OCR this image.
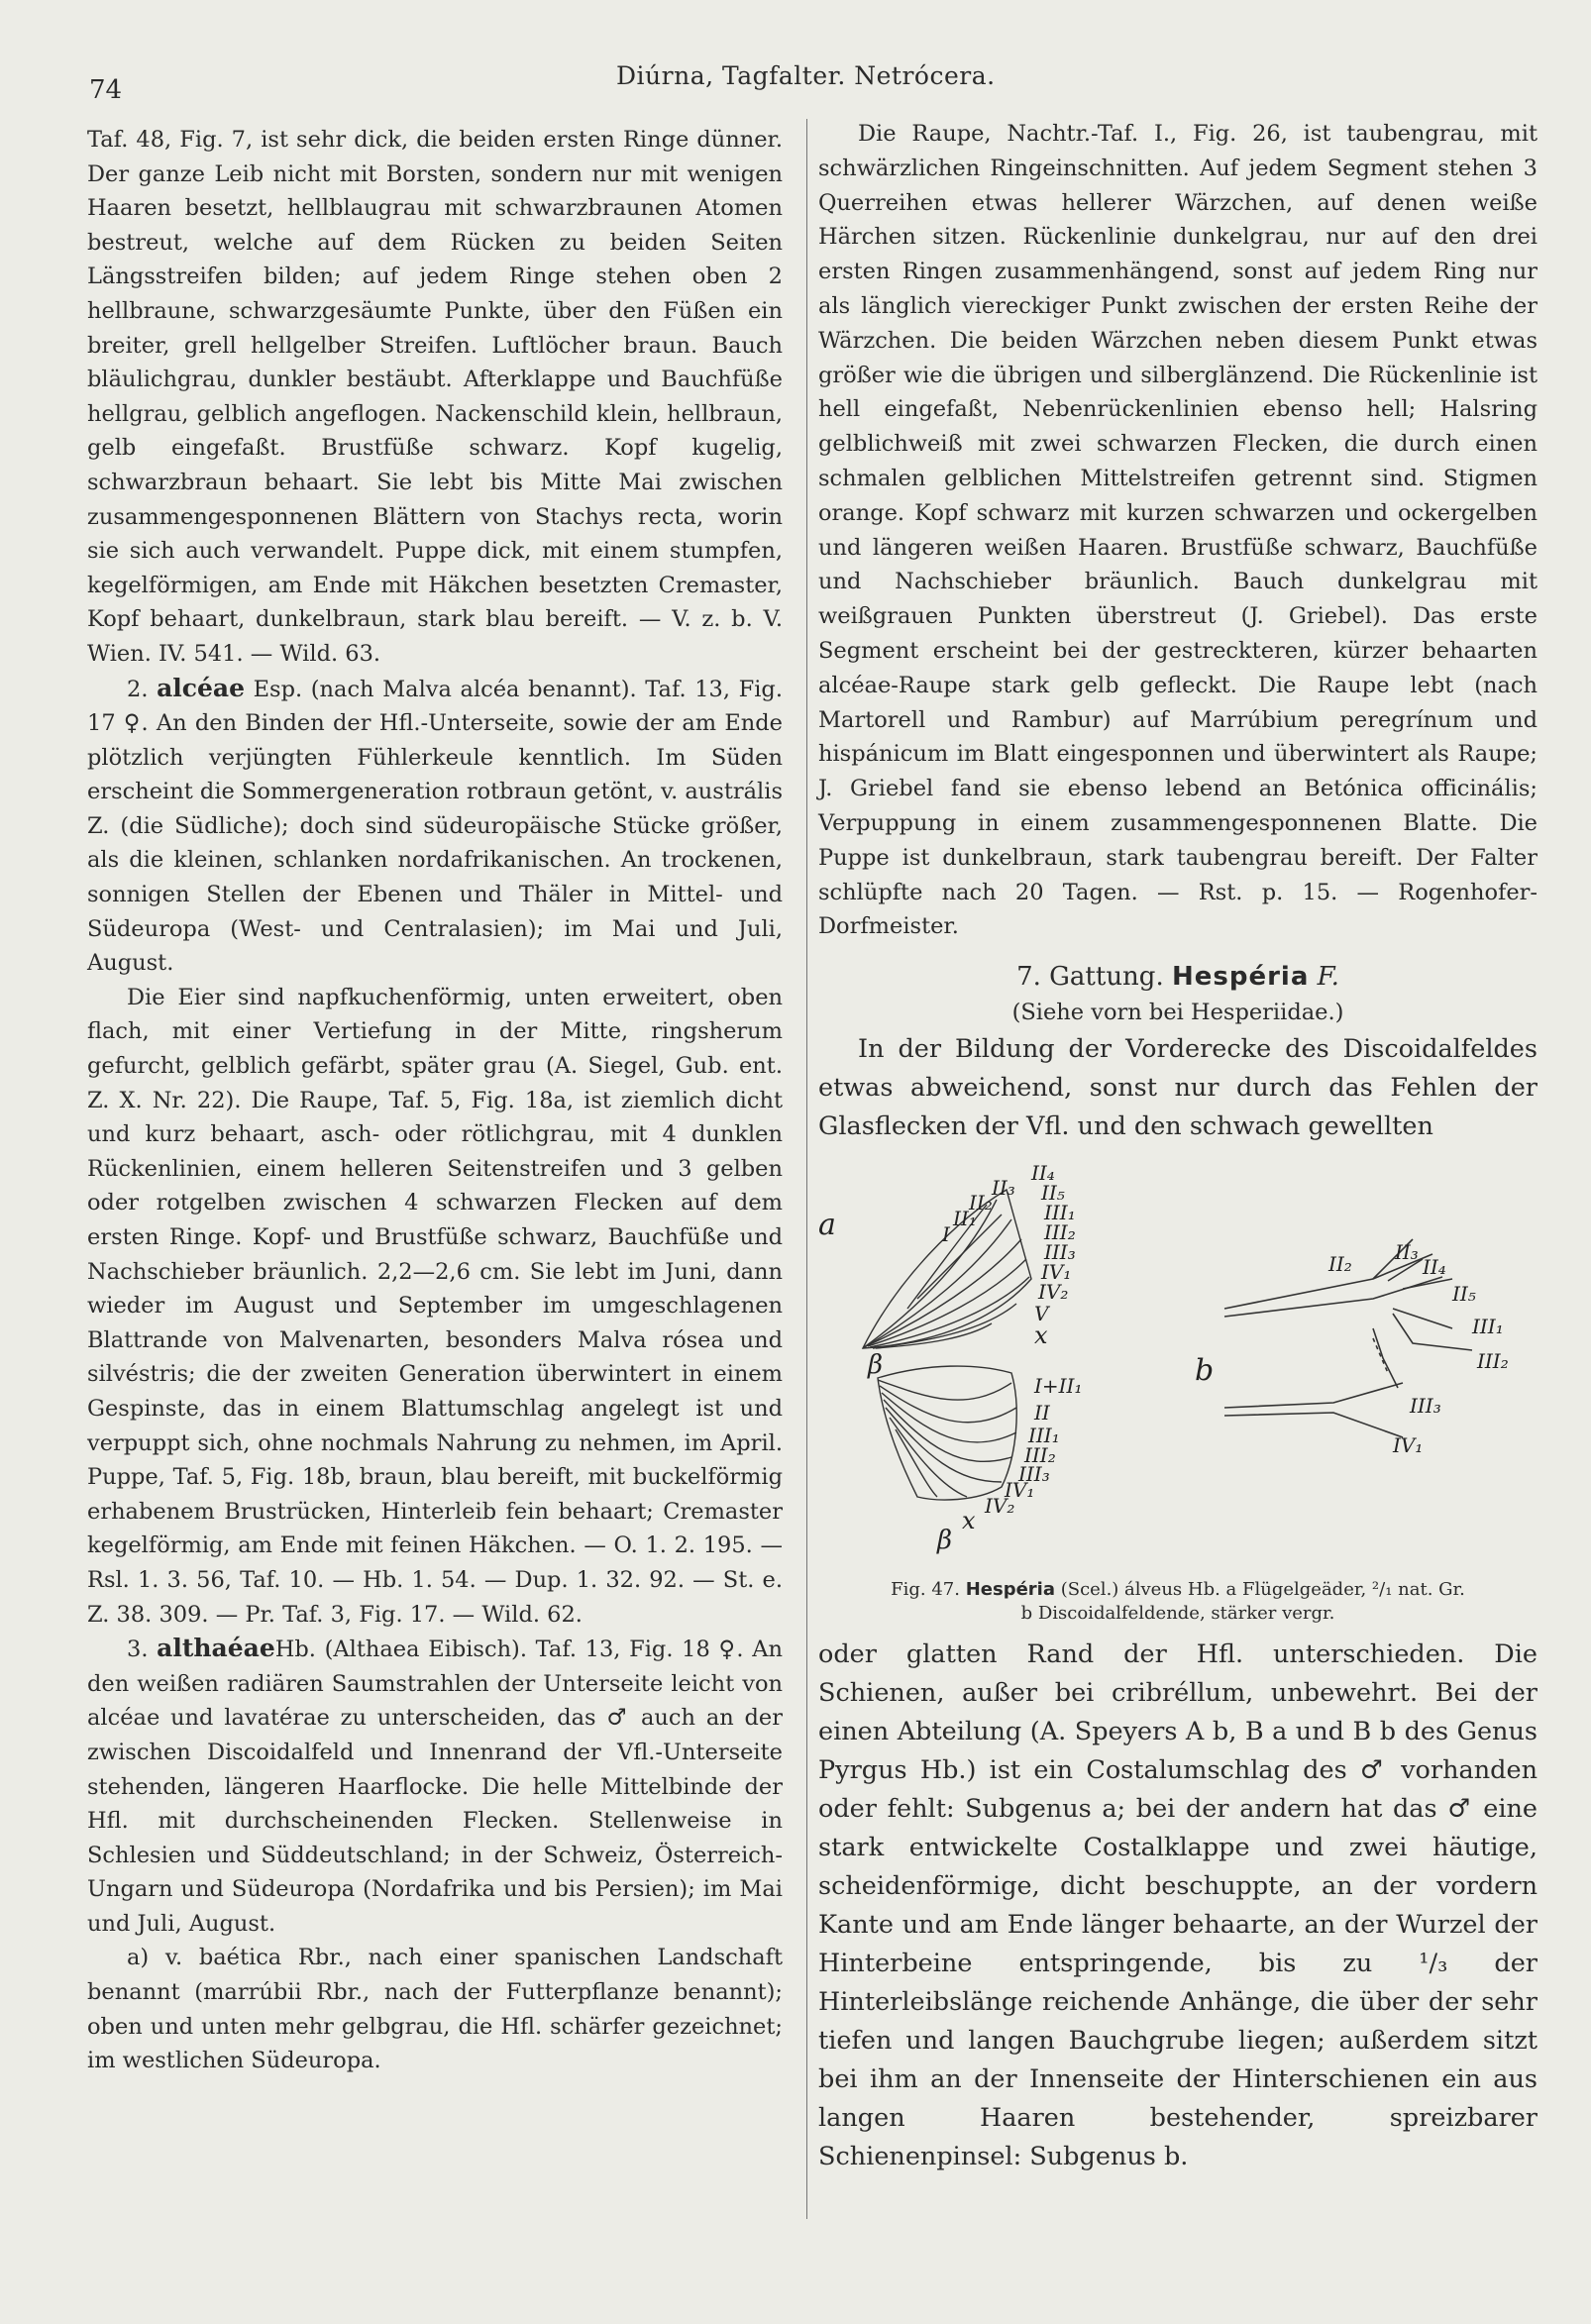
74	Diúrna, Tagfalter. Netrócera.

Taf. 48, Fig. 7, ist sehr dick, die beiden ersten Ringe dünner. Der ganze Leib nicht mit Borsten, sondern nur mit wenigen Haaren besetzt, hellblaugrau mit schwarzbraunen Atomen bestreut, welche auf dem Rücken zu beiden Seiten Längsstreifen bilden; auf jedem Ringe stehen oben 2 hellbraune, schwarzgesäumte Punkte, über den Füßen ein breiter, grell hellgelber Streifen. Luftlöcher braun. Bauch bläulichgrau, dunkler bestäubt. Afterklappe und Bauchfüße hellgrau, gelblich angeflogen. Nackenschild klein, hellbraun, gelb eingefaßt. Brustfüße schwarz. Kopf kugelig, schwarzbraun behaart. Sie lebt bis Mitte Mai zwischen zusammengesponnenen Blättern von Stachys recta, worin sie sich auch verwandelt. Puppe dick, mit einem stumpfen, kegelförmigen, am Ende mit Häkchen besetzten Cremaster, Kopf behaart, dunkelbraun, stark blau bereift. — V. z. b. V. Wien. IV. 541. — Wild. 63.

2. alcéae Esp. (nach Malva alcéa benannt). Taf. 13, Fig. 17 ♀. An den Binden der Hfl.-Unterseite, sowie der am Ende plötzlich verjüngten Fühlerkeule kenntlich. Im Süden erscheint die Sommergeneration rotbraun getönt, v. austrális Z. (die Südliche); doch sind südeuropäische Stücke größer, als die kleinen, schlanken nordafrikanischen. An trockenen, sonnigen Stellen der Ebenen und Thäler in Mittel- und Südeuropa (West- und Centralasien); im Mai und Juli, August.

Die Eier sind napfkuchenförmig, unten erweitert, oben flach, mit einer Vertiefung in der Mitte, ringsherum gefurcht, gelblich gefärbt, später grau (A. Siegel, Gub. ent. Z. X. Nr. 22). Die Raupe, Taf. 5, Fig. 18a, ist ziemlich dicht und kurz behaart, asch- oder rötlichgrau, mit 4 dunklen Rückenlinien, einem helleren Seitenstreifen und 3 gelben oder rotgelben zwischen 4 schwarzen Flecken auf dem ersten Ringe. Kopf- und Brustfüße schwarz, Bauchfüße und Nachschieber bräunlich. 2,2—2,6 cm. Sie lebt im Juni, dann wieder im August und September im umgeschlagenen Blattrande von Malvenarten, besonders Malva rósea und silvéstris; die der zweiten Generation überwintert in einem Gespinste, das in einem Blattumschlag angelegt ist und verpuppt sich, ohne nochmals Nahrung zu nehmen, im April. Puppe, Taf. 5, Fig. 18b, braun, blau bereift, mit buckelförmig erhabenem Brustrücken, Hinterleib fein behaart; Cremaster kegelförmig, am Ende mit feinen Häkchen. — O. 1. 2. 195. — Rsl. 1. 3. 56, Taf. 10. — Hb. 1. 54. — Dup. 1. 32. 92. — St. e. Z. 38. 309. — Pr. Taf. 3, Fig. 17. — Wild. 62.

3. althaéaeHb. (Althaea Eibisch). Taf. 13, Fig. 18 ♀. An den weißen radiären Saumstrahlen der Unterseite leicht von alcéae und lavatérae zu unterscheiden, das ♂ auch an der zwischen Discoidalfeld und Innenrand der Vfl.-Unterseite stehenden, längeren Haarflocke. Die helle Mittelbinde der Hfl. mit durchscheinenden Flecken. Stellenweise in Schlesien und Süddeutschland; in der Schweiz, Österreich-Ungarn und Südeuropa (Nordafrika und bis Persien); im Mai und Juli, August.

a) v. baética Rbr., nach einer spanischen Landschaft benannt (marrúbii Rbr., nach der Futterpflanze benannt); oben und unten mehr gelbgrau, die Hfl. schärfer gezeichnet; im westlichen Südeuropa.

Die Raupe, Nachtr.-Taf. I., Fig. 26, ist taubengrau, mit schwärzlichen Ringeinschnitten. Auf jedem Segment stehen 3 Querreihen etwas hellerer Wärzchen, auf denen weiße Härchen sitzen. Rückenlinie dunkelgrau, nur auf den drei ersten Ringen zusammenhängend, sonst auf jedem Ring nur als länglich viereckiger Punkt zwischen der ersten Reihe der Wärzchen. Die beiden Wärzchen neben diesem Punkt etwas größer wie die übrigen und silberglänzend. Die Rückenlinie ist hell eingefaßt, Nebenrückenlinien ebenso hell; Halsring gelblichweiß mit zwei schwarzen Flecken, die durch einen schmalen gelblichen Mittelstreifen getrennt sind. Stigmen orange. Kopf schwarz mit kurzen schwarzen und ockergelben und längeren weißen Haaren. Brustfüße schwarz, Bauchfüße und Nachschieber bräunlich. Bauch dunkelgrau mit weißgrauen Punkten überstreut (J. Griebel). Das erste Segment erscheint bei der gestreckteren, kürzer behaarten alcéae-Raupe stark gelb gefleckt. Die Raupe lebt (nach Martorell und Rambur) auf Marrúbium peregrínum und hispánicum im Blatt eingesponnen und überwintert als Raupe; J. Griebel fand sie ebenso lebend an Betónica officinális; Verpuppung in einem zusammengesponnenen Blatte. Die Puppe ist dunkelbraun, stark taubengrau bereift. Der Falter schlüpfte nach 20 Tagen. — Rst. p. 15. — Rogenhofer-Dorfmeister.

7. Gattung. Hespéria F.
(Siehe vorn bei Hesperiidae.)

In der Bildung der Vorderecke des Discoidalfeldes etwas abweichend, sonst nur durch das Fehlen der Glasflecken der Vfl. und den schwach gewellten

a
II₄
II₅
II₃
II₂
II₁
I
III₁
III₂
III₃
IV₁
IV₂
V
x
β
I+II₁
II
III₁
III₂
III₃
IV₁
IV₂
x
β
b
II₂ II₃
II₄
II₅
III₁
III₂
III₃
IV₁
Fig. 47. Hespéria (Scel.) álveus Hb. a Flügelgeäder, ²/₁ nat. Gr.
b Discoidalfeldende, stärker vergr.

oder glatten Rand der Hfl. unterschieden. Die Schienen, außer bei cribréllum, unbewehrt. Bei der einen Abteilung (A. Speyers A b, B a und B b des Genus Pyrgus Hb.) ist ein Costalumschlag des ♂ vorhanden oder fehlt: Subgenus a; bei der andern hat das ♂ eine stark entwickelte Costalklappe und zwei häutige, scheidenförmige, dicht beschuppte, an der vordern Kante und am Ende länger behaarte, an der Wurzel der Hinterbeine entspringende, bis zu ¹/₃ der Hinterleibslänge reichende Anhänge, die über der sehr tiefen und langen Bauchgrube liegen; außerdem sitzt bei ihm an der Innenseite der Hinterschienen ein aus langen Haaren bestehender, spreizbarer Schienenpinsel: Subgenus b.
